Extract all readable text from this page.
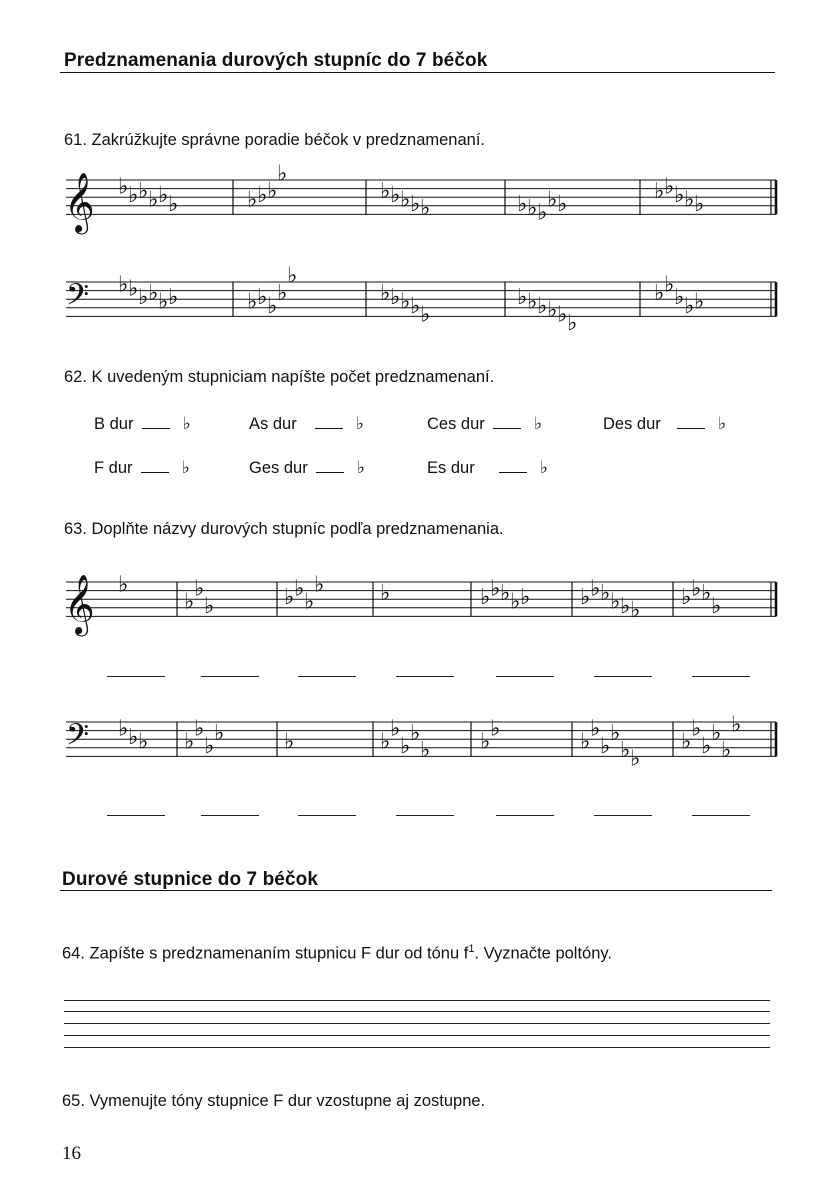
Predznamenania durových stupníc do 7 béčok
61. Zakrúžkujte správne poradie béčok v predznamenaní.
62. K uvedeným stupniciam napíšte počet predznamenaní.
B dur	♭	As dur	♭	Ces dur	♭	Des dur	♭
F dur	♭	Ges dur	♭	Es dur	♭
63. Doplňte názvy durových stupníc podľa predznamenania.
Durové stupnice do 7 béčok
64. Zapíšte s predznamenaním stupnicu F dur od tónu $f^1$. Vyznačte poltóny.
65. Vymenujte tóny stupnice F dur vzostupne aj zostupne.
16
𝄞 ♭ ♭ ♭ ♭ ♭ ♭	♭ ♭ ♭
♭
♭ ♭ ♭ ♭ ♭	♭ ♭ ♭
♭ ♭
♭ ♭ ♭ ♭ ♭
𝄢 ♭ ♭ ♭ ♭ ♭ ♭	♭ ♭ ♭
♭
♭
♭ ♭ ♭ ♭ ♭
♭ ♭ ♭ ♭ ♭ ♭
♭ ♭
♭ ♭ ♭
𝄞 ♭
♭
♭
♭	♭ ♭
♭
♭	♭	♭ ♭ ♭ ♭ ♭ ♭ ♭ ♭ ♭ ♭ ♭
♭ ♭ ♭
♭
𝄢 ♭ ♭ ♭ ♭
♭
♭
♭	♭	♭
♭
♭
♭
♭ ♭
♭
♭
♭
♭
♭
♭ ♭
♭
♭
♭
♭
♭
♭
